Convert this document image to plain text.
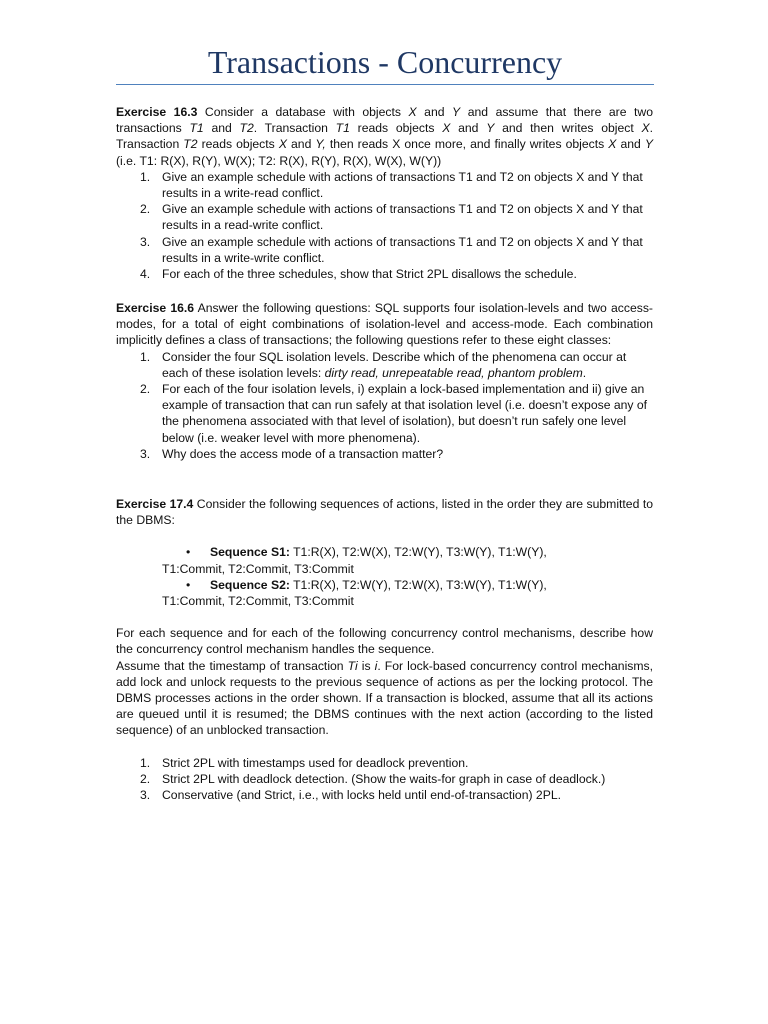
Transactions - Concurrency
Exercise 16.3 Consider a database with objects X and Y and assume that there are two transactions T1 and T2. Transaction T1 reads objects X and Y and then writes object X. Transaction T2 reads objects X and Y, then reads X once more, and finally writes objects X and Y (i.e. T1: R(X), R(Y), W(X); T2: R(X), R(Y), R(X), W(X), W(Y))
1. Give an example schedule with actions of transactions T1 and T2 on objects X and Y that results in a write-read conflict.
2. Give an example schedule with actions of transactions T1 and T2 on objects X and Y that results in a read-write conflict.
3. Give an example schedule with actions of transactions T1 and T2 on objects X and Y that results in a write-write conflict.
4. For each of the three schedules, show that Strict 2PL disallows the schedule.
Exercise 16.6 Answer the following questions: SQL supports four isolation-levels and two access-modes, for a total of eight combinations of isolation-level and access-mode. Each combination implicitly defines a class of transactions; the following questions refer to these eight classes:
1. Consider the four SQL isolation levels. Describe which of the phenomena can occur at each of these isolation levels: dirty read, unrepeatable read, phantom problem.
2. For each of the four isolation levels, i) explain a lock-based implementation and ii) give an example of transaction that can run safely at that isolation level (i.e. doesn’t expose any of the phenomena associated with that level of isolation), but doesn’t run safely one level below (i.e. weaker level with more phenomena).
3. Why does the access mode of a transaction matter?
Exercise 17.4 Consider the following sequences of actions, listed in the order they are submitted to the DBMS:
•	Sequence S1: T1:R(X), T2:W(X), T2:W(Y), T3:W(Y), T1:W(Y),
T1:Commit, T2:Commit, T3:Commit
•	Sequence S2: T1:R(X), T2:W(Y), T2:W(X), T3:W(Y), T1:W(Y),
T1:Commit, T2:Commit, T3:Commit
For each sequence and for each of the following concurrency control mechanisms, describe how the concurrency control mechanism handles the sequence.
Assume that the timestamp of transaction Ti is i. For lock-based concurrency control mechanisms, add lock and unlock requests to the previous sequence of actions as per the locking protocol. The DBMS processes actions in the order shown. If a transaction is blocked, assume that all its actions are queued until it is resumed; the DBMS continues with the next action (according to the listed sequence) of an unblocked transaction.
1. Strict 2PL with timestamps used for deadlock prevention.
2. Strict 2PL with deadlock detection. (Show the waits-for graph in case of deadlock.)
3. Conservative (and Strict, i.e., with locks held until end-of-transaction) 2PL.
